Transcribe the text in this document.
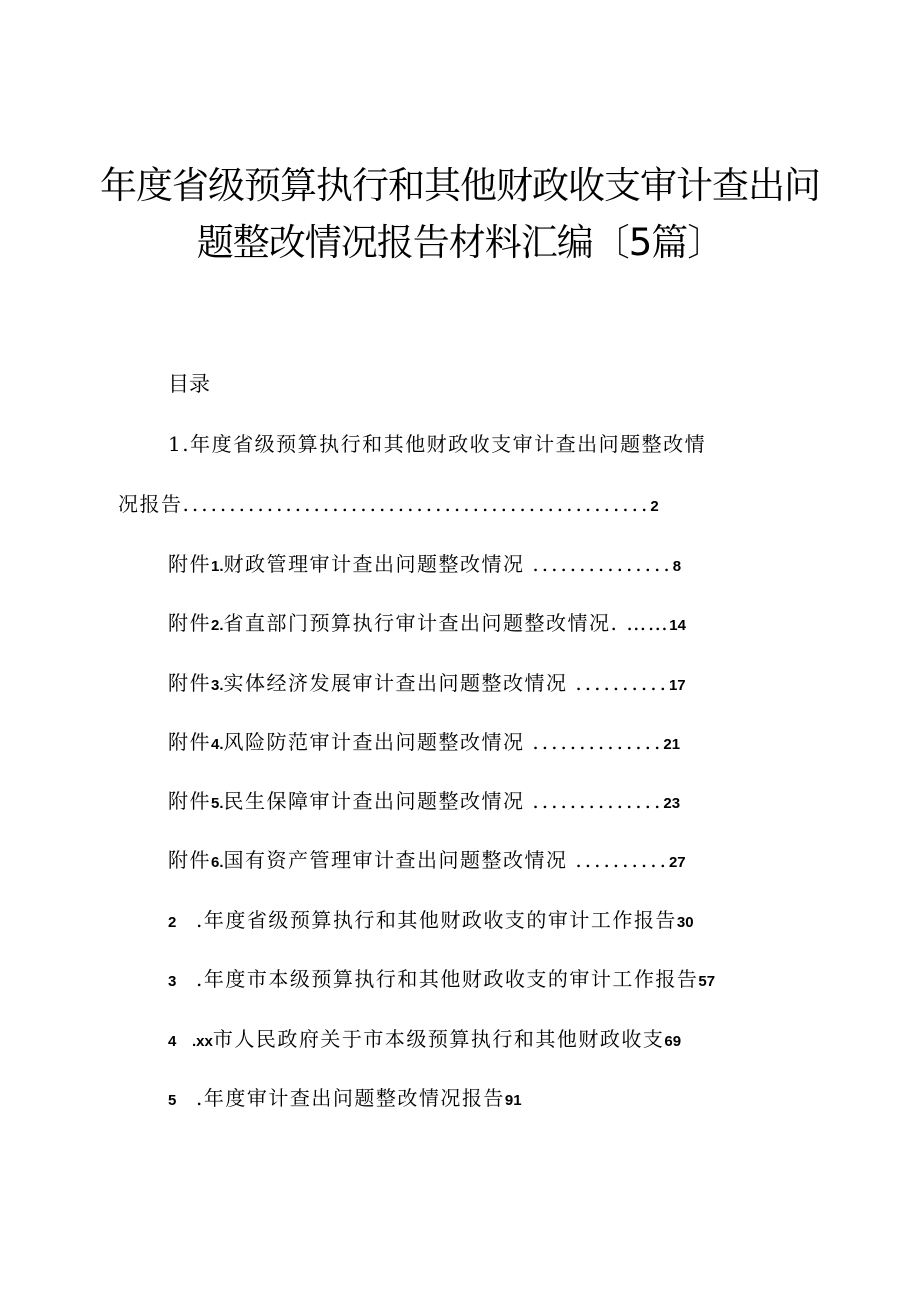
年度省级预算执行和其他财政收支审计查出问
题整改情况报告材料汇编〔5篇〕
目录
1.年度省级预算执行和其他财政收支审计查出问题整改情
况报告..................................................2
附件1.财政管理审计查出问题整改情况 ...............8
附件2.省直部门预算执行审计查出问题整改情况. ……14
附件3.实体经济发展审计查出问题整改情况 ..........17
附件4.风险防范审计查出问题整改情况 ..............21
附件5.民生保障审计查出问题整改情况 ..............23
附件6.国有资产管理审计查出问题整改情况 ..........27
2 .年度省级预算执行和其他财政收支的审计工作报告30
3 .年度市本级预算执行和其他财政收支的审计工作报告57
4 .xx市人民政府关于市本级预算执行和其他财政收支69
5 .年度审计查出问题整改情况报告91
